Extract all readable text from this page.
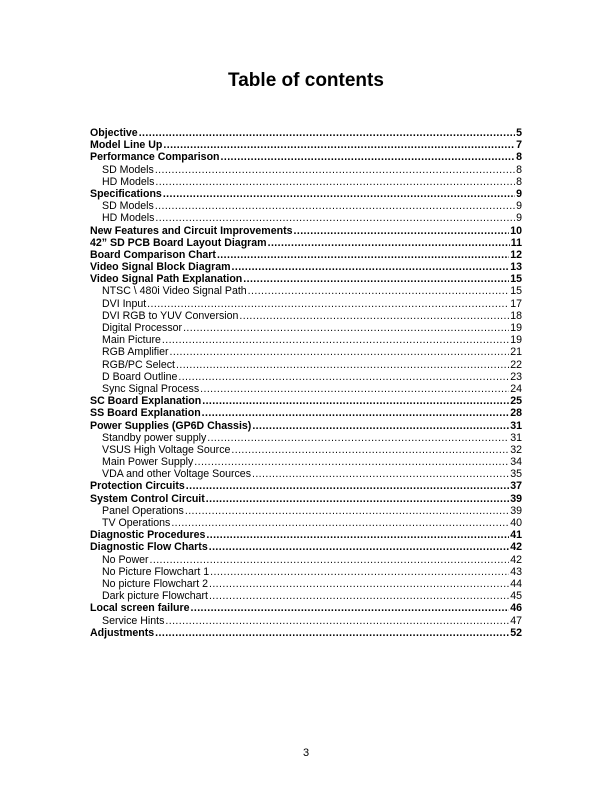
Table of contents
Objective .....	5
Model Line Up .....	7
Performance Comparison .....	8
SD Models .....	8
HD Models .....	8
Specifications .....	9
SD Models .....	9
HD Models .....	9
New Features and Circuit Improvements .....	10
42” SD PCB Board Layout Diagram .....	11
Board Comparison Chart .....	12
Video Signal Block Diagram .....	13
Video Signal Path Explanation .....	15
NTSC \ 480i Video Signal Path .....	15
DVI Input .....	17
DVI RGB to YUV Conversion .....	18
Digital Processor .....	19
Main Picture .....	19
RGB Amplifier .....	21
RGB/PC Select .....	22
D Board Outline .....	23
Sync Signal Process .....	24
SC Board Explanation .....	25
SS Board Explanation .....	28
Power Supplies (GP6D Chassis) .....	31
Standby power supply .....	31
VSUS High Voltage Source .....	32
Main Power Supply .....	34
VDA and other Voltage Sources .....	35
Protection Circuits .....	37
System Control Circuit .....	39
Panel Operations .....	39
TV Operations .....	40
Diagnostic Procedures .....	41
Diagnostic Flow Charts .....	42
No Power .....	42
No Picture Flowchart 1 .....	43
No picture Flowchart 2 .....	44
Dark picture Flowchart .....	45
Local screen failure .....	46
Service Hints .....	47
Adjustments .....	52
3
